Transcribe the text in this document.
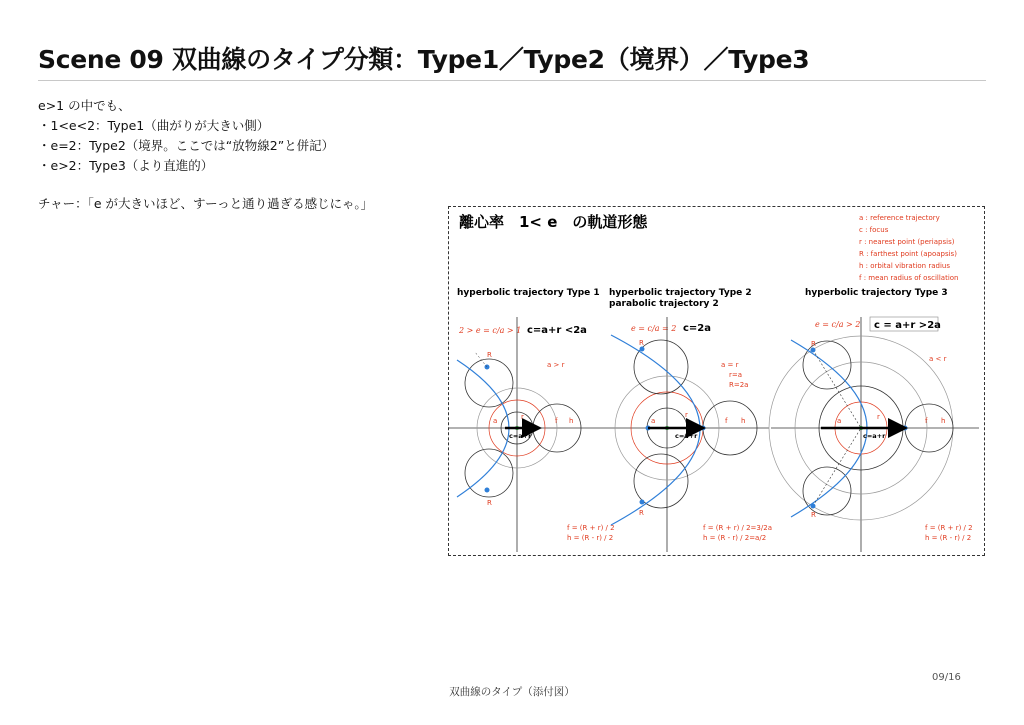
Scene 09 双曲線のタイプ分類：Type1／Type2（境界）／Type3
e>1 の中でも、
・1<e<2：Type1（曲がりが大きい側）
・e=2：Type2（境界。ここでは“放物線2”と併記）
・e>2：Type3（より直進的）
チャー：「e が大きいほど、すーっと通り過ぎる感じにゃ。」
離心率　1< e　の軌道形態	a : reference trajectory
c : focus
r : nearest point (periapsis)
R : farthest point (apoapsis)
h : orbital vibration radius
f : mean radius of oscillation
hyperbolic trajectory Type 1
2 > e = c/a > 1 c=a+r <2a
a > r
R
R
a	r	f h
c=a+r
f = (R + r) / 2
h = (R - r) / 2
hyperbolic trajectory Type 2
parabolic trajectory 2
e = c/a = 2 c=2a
a = r
r=a
R=2a
R
R
a
r
f h
c=a+r
f = (R + r) / 2=3/2a
h = (R - r) / 2=a/2
hyperbolic trajectory Type 3
e = c/a > 2 c = a+r >2a
a < r
R
R
a	r	f h
c=a+r
f = (R + r) / 2
h = (R - r) / 2
09/16
双曲線のタイプ（添付図）
